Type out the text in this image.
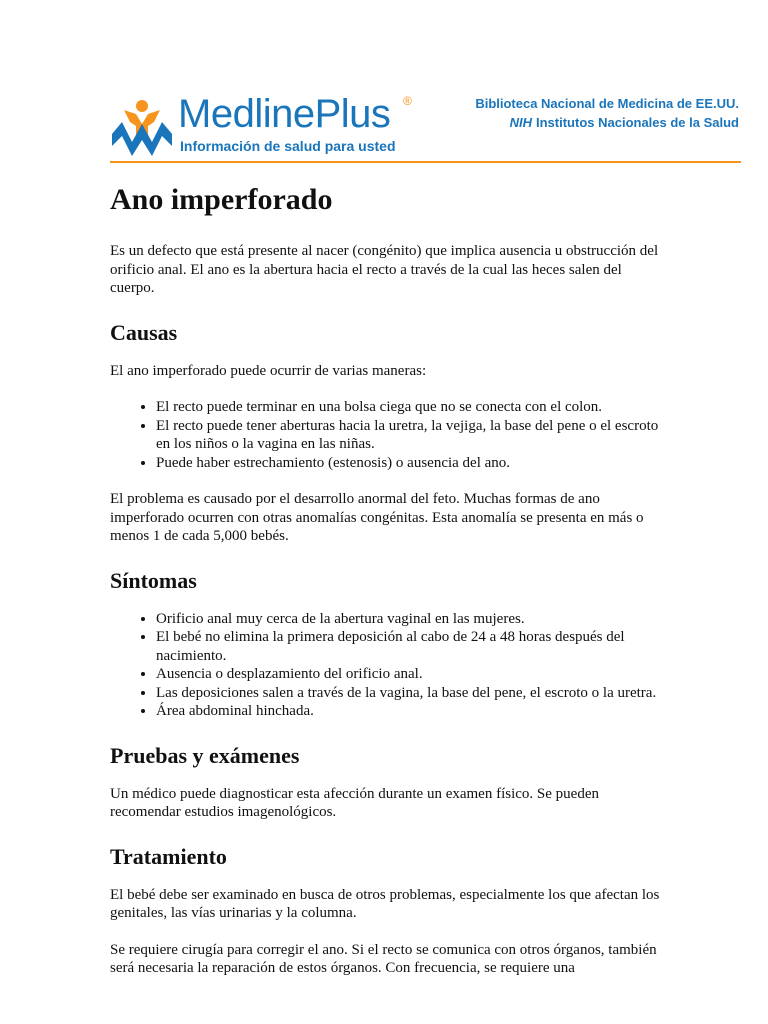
MedlinePlus ®
Información de salud para usted
Biblioteca Nacional de Medicina de EE.UU.
NIH Institutos Nacionales de la Salud
Ano imperforado

Es un defecto que está presente al nacer (congénito) que implica ausencia u obstrucción del orificio anal. El ano es la abertura hacia el recto a través de la cual las heces salen del cuerpo.

Causas

El ano imperforado puede ocurrir de varias maneras:

• El recto puede terminar en una bolsa ciega que no se conecta con el colon.
• El recto puede tener aberturas hacia la uretra, la vejiga, la base del pene o el escroto en los niños o la vagina en las niñas.
• Puede haber estrechamiento (estenosis) o ausencia del ano.

El problema es causado por el desarrollo anormal del feto. Muchas formas de ano imperforado ocurren con otras anomalías congénitas. Esta anomalía se presenta en más o menos 1 de cada 5,000 bebés.

Síntomas
• Orificio anal muy cerca de la abertura vaginal en las mujeres.
• El bebé no elimina la primera deposición al cabo de 24 a 48 horas después del nacimiento.
• Ausencia o desplazamiento del orificio anal.
• Las deposiciones salen a través de la vagina, la base del pene, el escroto o la uretra.
• Área abdominal hinchada.
Pruebas y exámenes

Un médico puede diagnosticar esta afección durante un examen físico. Se pueden recomendar estudios imagenológicos.

Tratamiento

El bebé debe ser examinado en busca de otros problemas, especialmente los que afectan los genitales, las vías urinarias y la columna.

Se requiere cirugía para corregir el ano. Si el recto se comunica con otros órganos, también será necesaria la reparación de estos órganos. Con frecuencia, se requiere una
